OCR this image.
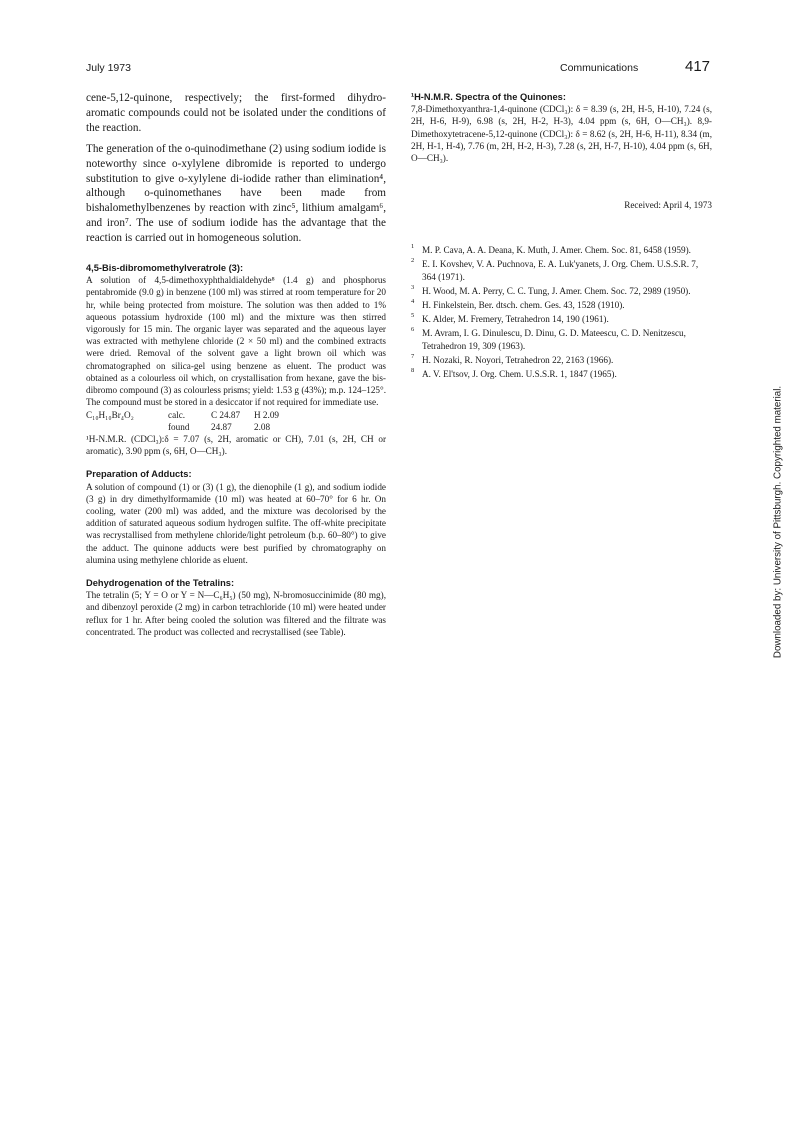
July 1973	Communications	417

cene-5,12-quinone, respectively; the first-formed dihydro-aromatic compounds could not be isolated under the conditions of the reaction.

The generation of the o-quinodimethane (2) using sodium iodide is noteworthy since o-xylylene dibromide is reported to undergo substitution to give o-xylylene di-iodide rather than elimination⁴, although o-quinomethanes have been made from bishalomethylbenzenes by reaction with zinc⁵, lithium amalgam⁶, and iron⁷. The use of sodium iodide has the advantage that the reaction is carried out in homogeneous solution.

4,5-Bis-dibromomethylveratrole (3):

A solution of 4,5-dimethoxyphthaldialdehyde⁸ (1.4 g) and phosphorus pentabromide (9.0 g) in benzene (100 ml) was stirred at room temperature for 20 hr, while being protected from moisture. The solution was then added to 1% aqueous potassium hydroxide (100 ml) and the mixture was then stirred vigorously for 15 min. The organic layer was separated and the aqueous layer was extracted with methylene chloride (2 × 50 ml) and the combined extracts were dried. Removal of the solvent gave a light brown oil which was chromatographed on silica-gel using benzene as eluent. The product was obtained as a colourless oil which, on crystallisation from hexane, gave the bis-dibromo compound (3) as colourless prisms; yield: 1.53 g (43%); m.p. 124–125°. The compound must be stored in a desiccator if not required for immediate use.

C₁₀H₁₀Br₄O₂	calc.	C 24.87 H 2.09
found 24.87 2.08

¹H-N.M.R. (CDCl₃):δ = 7.07 (s, 2H, aromatic or CH), 7.01 (s, 2H, CH or aromatic), 3.90 ppm (s, 6H, O—CH₃).

Preparation of Adducts:

A solution of compound (1) or (3) (1 g), the dienophile (1 g), and sodium iodide (3 g) in dry dimethylformamide (10 ml) was heated at 60–70° for 6 hr. On cooling, water (200 ml) was added, and the mixture was decolorised by the addition of saturated aqueous sodium hydrogen sulfite. The off-white precipitate was recrystallised from methylene chloride/light petroleum (b.p. 60–80°) to give the adduct. The quinone adducts were best purified by chromatography on alumina using methylene chloride as eluent.

Dehydrogenation of the Tetralins:

The tetralin (5; Y = O or Y = N—C₆H₅) (50 mg), N-bromosuccinimide (80 mg), and dibenzoyl peroxide (2 mg) in carbon tetrachloride (10 ml) were heated under reflux for 1 hr. After being cooled the solution was filtered and the filtrate was concentrated. The product was collected and recrystallised (see Table).

¹H-N.M.R. Spectra of the Quinones:

7,8-Dimethoxyanthra-1,4-quinone (CDCl₃): δ = 8.39 (s, 2H, H-5, H-10), 7.24 (s, 2H, H-6, H-9), 6.98 (s, 2H, H-2, H-3), 4.04 ppm (s, 6H, O—CH₃). 8,9-Dimethoxytetracene-5,12-quinone (CDCl₃): δ = 8.62 (s, 2H, H-6, H-11), 8.34 (m, 2H, H-1, H-4), 7.76 (m, 2H, H-2, H-3), 7.28 (s, 2H, H-7, H-10), 4.04 ppm (s, 6H, O—CH₃).

Received: April 4, 1973
1 M. P. Cava, A. A. Deana, K. Muth, J. Amer. Chem. Soc. 81, 6458 (1959).
2 E. I. Kovshev, V. A. Puchnova, E. A. Luk'yanets, J. Org. Chem. U.S.S.R. 7, 364 (1971).
3 H. Wood, M. A. Perry, C. C. Tung, J. Amer. Chem. Soc. 72, 2989 (1950).
4 H. Finkelstein, Ber. dtsch. chem. Ges. 43, 1528 (1910).
5 K. Alder, M. Fremery, Tetrahedron 14, 190 (1961).
6 M. Avram, I. G. Dinulescu, D. Dinu, G. D. Mateescu, C. D. Nenitzescu, Tetrahedron 19, 309 (1963).
7 H. Nozaki, R. Noyori, Tetrahedron 22, 2163 (1966).
8 A. V. El'tsov, J. Org. Chem. U.S.S.R. 1, 1847 (1965).
Downloaded by: University of Pittsburgh. Copyrighted material.
